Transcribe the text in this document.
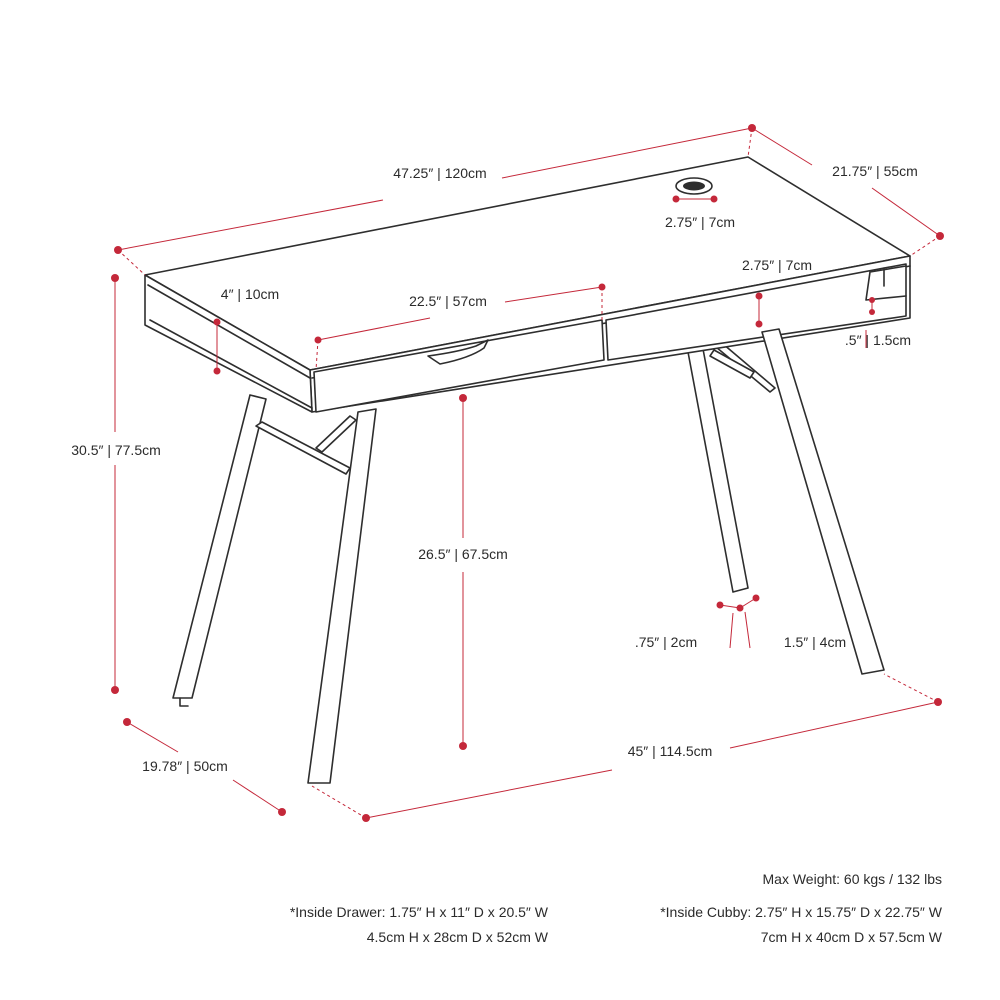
47.25″ | 120cm	21.75″ | 55cm
2.75″ | 7cm
2.75″ | 7cm
4″ | 10cm	22.5″ | 57cm
.5″ | 1.5cm
30.5″ | 77.5cm
26.5″ | 67.5cm
.75″ | 2cm	1.5″ | 4cm
45″ | 114.5cm
19.78″ | 50cm
Max Weight: 60 kgs / 132 lbs
*Inside Drawer: 1.75″ H x 11″ D x 20.5″ W
4.5cm H x 28cm D x 52cm W
*Inside Cubby: 2.75″ H x 15.75″ D x 22.75″ W
7cm H x 40cm D x 57.5cm W
